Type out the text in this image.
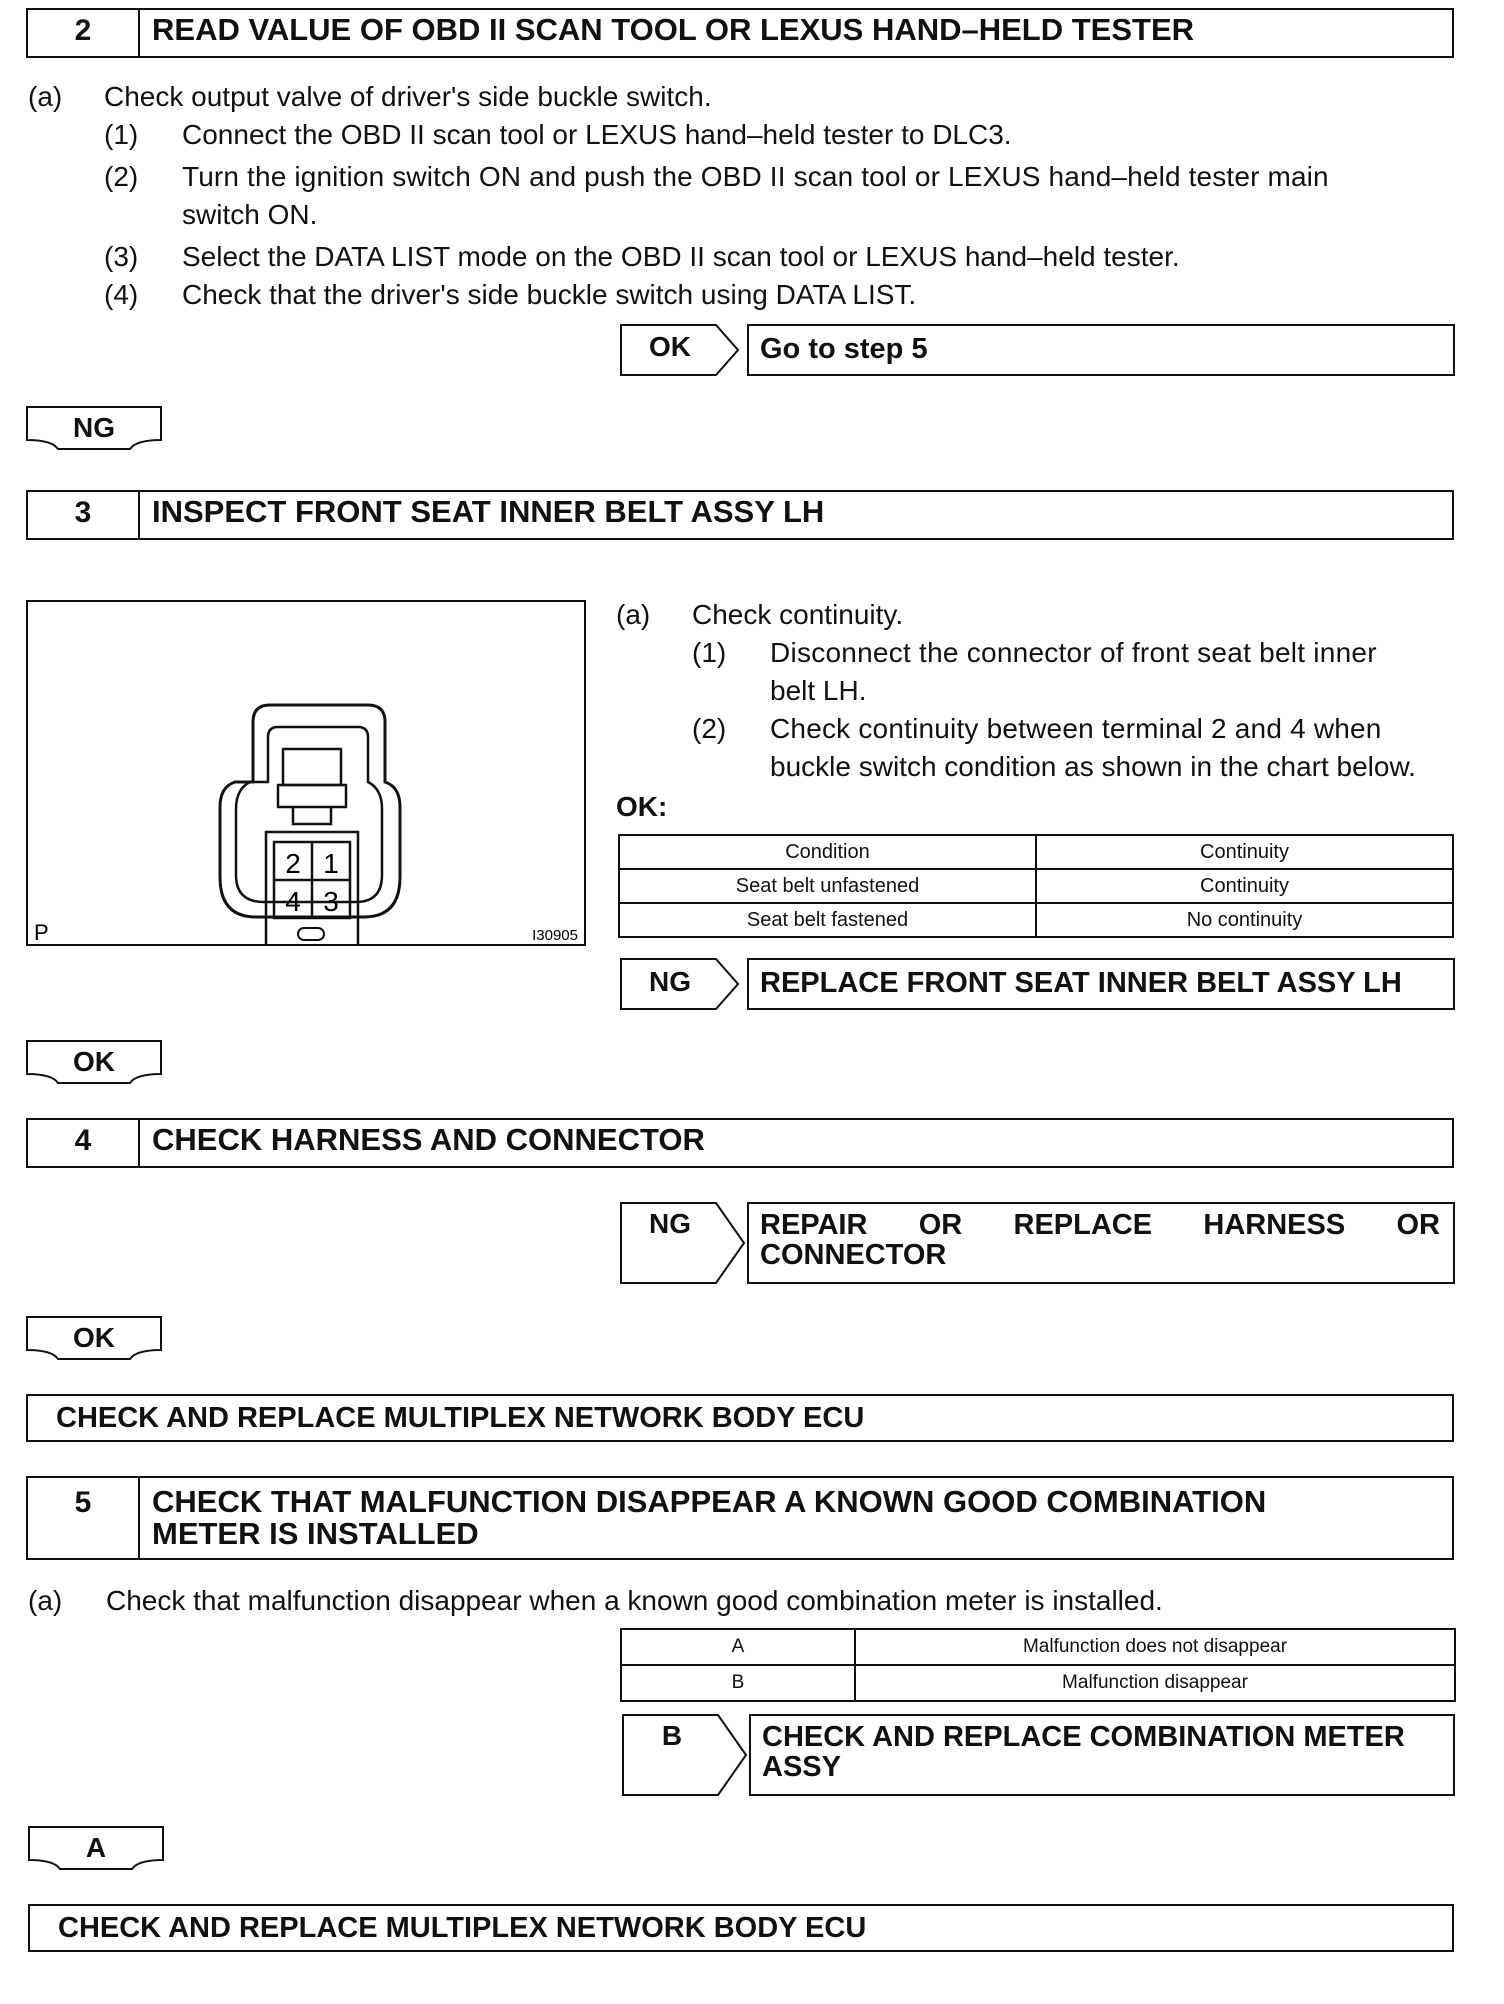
2	READ VALUE OF OBD II SCAN TOOL OR LEXUS HAND–HELD TESTER
(a) Check output valve of driver's side buckle switch.
(1) Connect the OBD II scan tool or LEXUS hand–held tester to DLC3.
(2) Turn the ignition switch ON and push the OBD II scan tool or LEXUS hand–held tester main
switch ON.
(3) Select the DATA LIST mode on the OBD II scan tool or LEXUS hand–held tester.
(4) Check that the driver's side buckle switch using DATA LIST.
OK	Go to step 5
NG
3	INSPECT FRONT SEAT INNER BELT ASSY LH
2 1
4 3
P	I30905
(a) Check continuity.
(1) Disconnect the connector of front seat belt inner
belt LH.
(2) Check continuity between terminal 2 and 4 when
buckle switch condition as shown in the chart below.
OK:
Condition	Continuity
Seat belt unfastened	Continuity
Seat belt fastened	No continuity
NG	REPLACE FRONT SEAT INNER BELT ASSY LH
OK
4	CHECK HARNESS AND CONNECTOR
NG	REPAIR OR REPLACE HARNESS OR
CONNECTOR
OK
CHECK AND REPLACE MULTIPLEX NETWORK BODY ECU
5	CHECK THAT MALFUNCTION DISAPPEAR A KNOWN GOOD COMBINATION
METER IS INSTALLED
(a) Check that malfunction disappear when a known good combination meter is installed.
A	Malfunction does not disappear
B	Malfunction disappear
B	CHECK AND REPLACE COMBINATION METER
ASSY
A
CHECK AND REPLACE MULTIPLEX NETWORK BODY ECU
